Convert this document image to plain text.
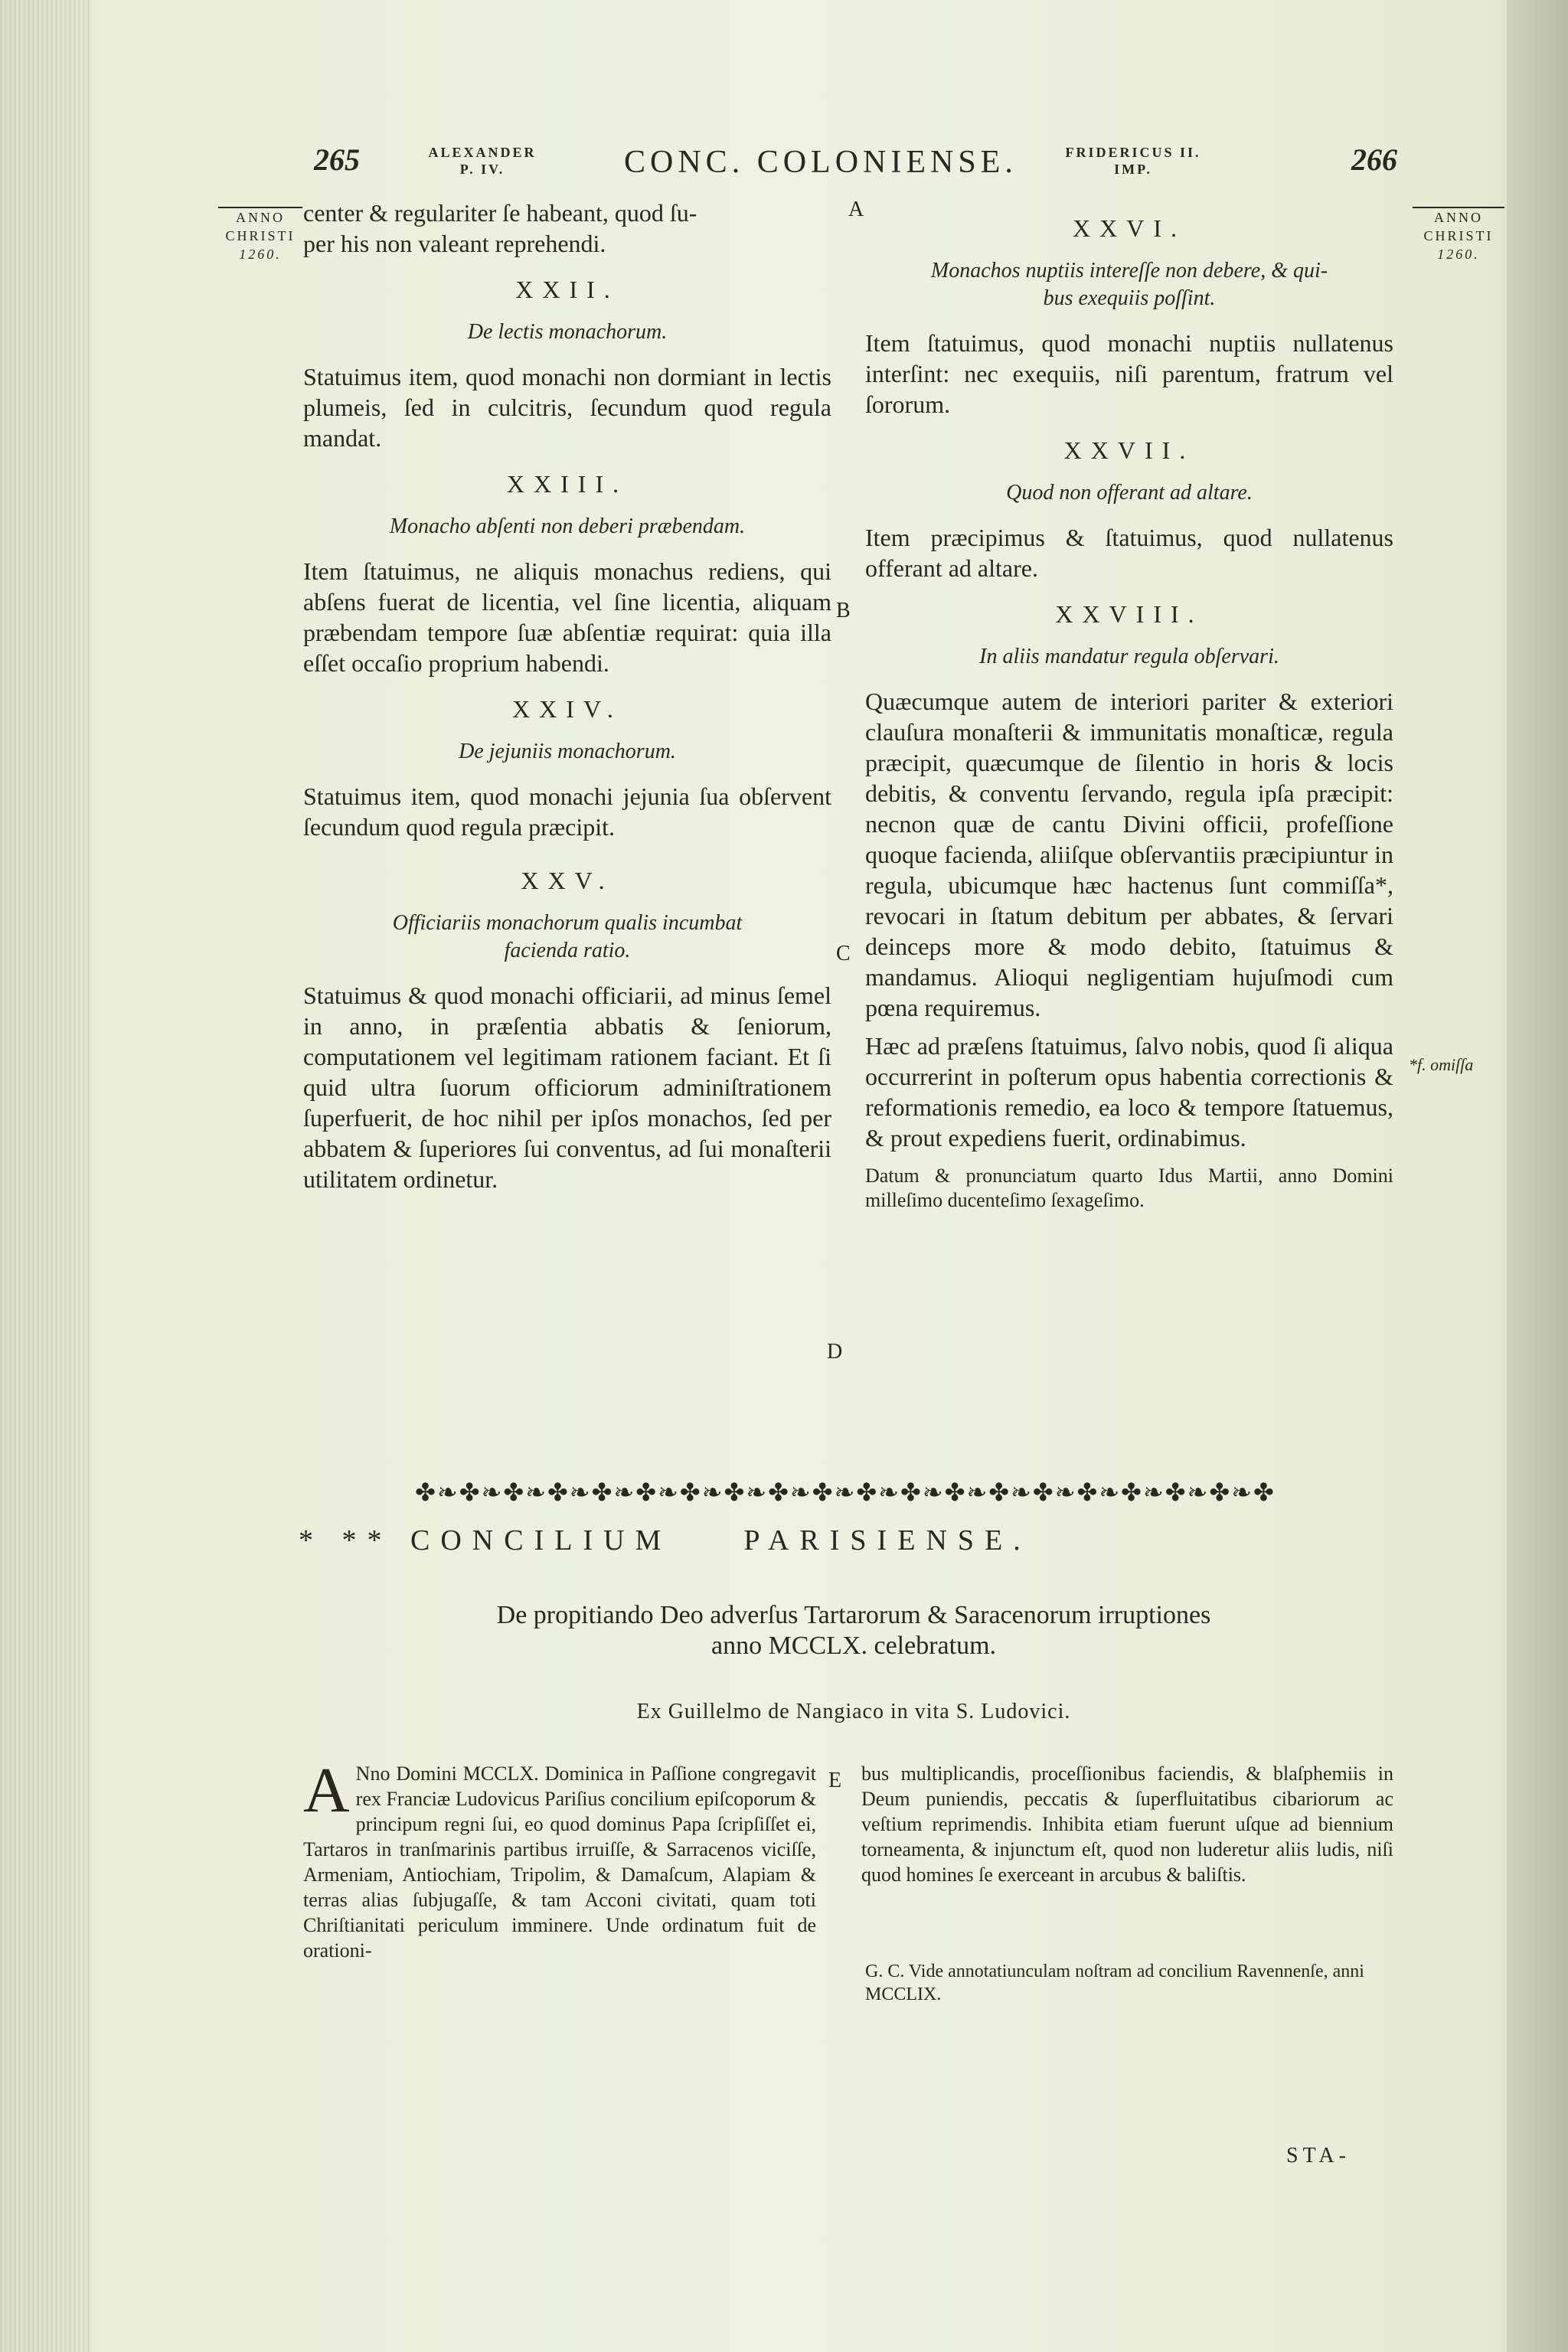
265	ALEXANDER
P. IV.	CONC. COLONIENSE.	FRIDERICUS II.
IMP.	266
ANNO
CHRISTI
1260.
ANNO
CHRISTI
1260.
A
B
C
D
E

center & regulariter ſe habeant, quod ſu-
per his non valeant reprehendi.

XXII.
De lectis monachorum.

Statuimus item, quod monachi non dormiant in lectis plumeis, ſed in culcitris, ſecundum quod regula mandat.

XXIII.
Monacho abſenti non deberi præbendam.

Item ſtatuimus, ne aliquis monachus rediens, qui abſens fuerat de licentia, vel ſine licentia, aliquam præbendam tempore ſuæ abſentiæ requirat: quia illa eſſet occaſio proprium habendi.

XXIV.
De jejuniis monachorum.

Statuimus item, quod monachi jejunia ſua obſervent ſecundum quod regula præcipit.

XXV.
Officiariis monachorum qualis incumbat
facienda ratio.

Statuimus & quod monachi officiarii, ad minus ſemel in anno, in præſentia abbatis & ſeniorum, computationem vel legitimam rationem faciant. Et ſi quid ultra ſuorum officiorum adminiſtrationem ſuperfuerit, de hoc nihil per ipſos monachos, ſed per abbatem & ſuperiores ſui conventus, ad ſui monaſterii utilitatem ordinetur.

XXVI.
Monachos nuptiis intereſſe non debere, & qui-
bus exequiis poſſint.

Item ſtatuimus, quod monachi nuptiis nullatenus interſint: nec exequiis, niſi parentum, fratrum vel ſororum.

XXVII.
Quod non offerant ad altare.

Item præcipimus & ſtatuimus, quod nullatenus offerant ad altare.

XXVIII.
In aliis mandatur regula obſervari.

Quæcumque autem de interiori pariter & exteriori clauſura monaſterii & immunitatis monaſticæ, regula præcipit, quæcumque de ſilentio in horis & locis debitis, & conventu ſervando, regula ipſa præcipit: necnon quæ de cantu Divini officii, profeſſione quoque facienda, aliiſque obſervantiis præcipiuntur in regula, ubicumque hæc hactenus ſunt commiſſa*, revocari in ſtatum debitum per abbates, & ſervari deinceps more & modo debito, ſtatuimus & mandamus. Alioqui negligentiam hujuſmodi cum pœna requiremus.

Hæc ad præſens ſtatuimus, ſalvo nobis, quod ſi aliqua occurrerint in poſterum opus habentia correctionis & reformationis remedio, ea loco & tempore ſtatuemus, & prout expediens fuerit, ordinabimus.

Datum & pronunciatum quarto Idus Martii, anno Domini milleſimo ducenteſimo ſexageſimo.

*f. omiſſa
✤❧✤❧✤❧✤❧✤❧✤❧✤❧✤❧✤❧✤❧✤❧✤❧✤❧✤❧✤❧✤❧✤❧✤❧✤❧✤
* ** CONCILIUM    PARISIENSE.
De propitiando Deo adverſus Tartarorum & Saracenorum irruptiones
anno MCCLX. celebratum.
Ex Guillelmo de Nangiaco in vita S. Ludovici.
A Nno Domini MCCLX. Dominica in Paſſione congregavit rex Franciæ Ludovicus Pariſius concilium epiſcoporum & principum regni ſui, eo quod dominus Papa ſcripſiſſet ei, Tartaros in tranſmarinis partibus irruiſſe, & Sarracenos viciſſe, Armeniam, Antiochiam, Tripolim, & Damaſcum, Alapiam & terras alias ſubjugaſſe, & tam Acconi civitati, quam toti Chriſtianitati periculum imminere. Unde ordinatum fuit de orationi-
bus multiplicandis, proceſſionibus faciendis, & blaſphemiis in Deum puniendis, peccatis & ſuperfluitatibus cibariorum ac veſtium reprimendis. Inhibita etiam fuerunt uſque ad biennium torneamenta, & injunctum eſt, quod non luderetur aliis ludis, niſi quod homines ſe exerceant in arcubus & baliſtis.
G. C. Vide annotatiunculam noſtram ad concilium Ravennenſe, anni MCCLIX.
STA-
